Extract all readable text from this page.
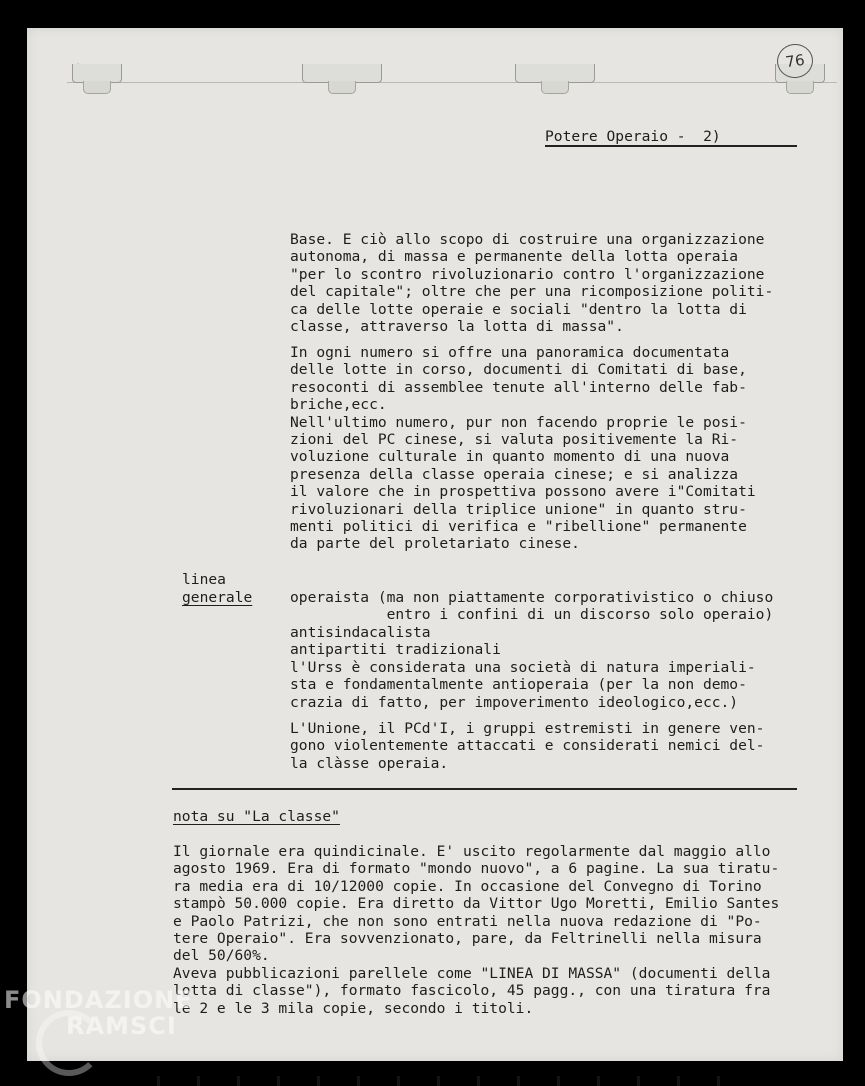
76
Potere Operaio -  2)
Base. E ciò allo scopo di costruire una organizzazione
autonoma, di massa e permanente della lotta operaia
"per lo scontro rivoluzionario contro l'organizzazione
del capitale"; oltre che per una ricomposizione politi-
ca delle lotte operaie e sociali "dentro la lotta di
classe, attraverso la lotta di massa".
In ogni numero si offre una panoramica documentata
delle lotte in corso, documenti di Comitati di base,
resoconti di assemblee tenute all'interno delle fab-
briche,ecc.
Nell'ultimo numero, pur non facendo proprie le posi-
zioni del PC cinese, si valuta positivemente la Ri-
voluzione culturale in quanto momento di una nuova
presenza della classe operaia cinese; e si analizza
il valore che in prospettiva possono avere i"Comitati
rivoluzionari della triplice unione" in quanto stru-
menti politici di verifica e "ribellione" permanente
da parte del proletariato cinese.
linea
generale	operaista (ma non piattamente corporativistico o chiuso
entro i confini di un discorso solo operaio)
antisindacalista
antipartiti tradizionali
l'Urss è considerata una società di natura imperiali-
sta e fondamentalmente antioperaia (per la non demo-
crazia di fatto, per impoverimento ideologico,ecc.)
L'Unione, il PCd'I, i gruppi estremisti in genere ven-
gono violentemente attaccati e considerati nemici del-
la clàsse operaia.
nota su "La classe"
Il giornale era quindicinale. E' uscito regolarmente dal maggio allo
agosto 1969. Era di formato "mondo nuovo", a 6 pagine. La sua tiratu-
ra media era di 10/12000 copie. In occasione del Convegno di Torino
stampò 50.000 copie. Era diretto da Vittor Ugo Moretti, Emilio Santes
e Paolo Patrizi, che non sono entrati nella nuova redazione di "Po-
tere Operaio". Era sovvenzionato, pare, da Feltrinelli nella misura
del 50/60%.
Aveva pubblicazioni parellele come "LINEA DI MASSA" (documenti della
lotta di classe"), formato fascicolo, 45 pagg., con una tiratura fra
le 2 e le 3 mila copie, secondo i titoli.
FONDAZIONE
RAMSCI
